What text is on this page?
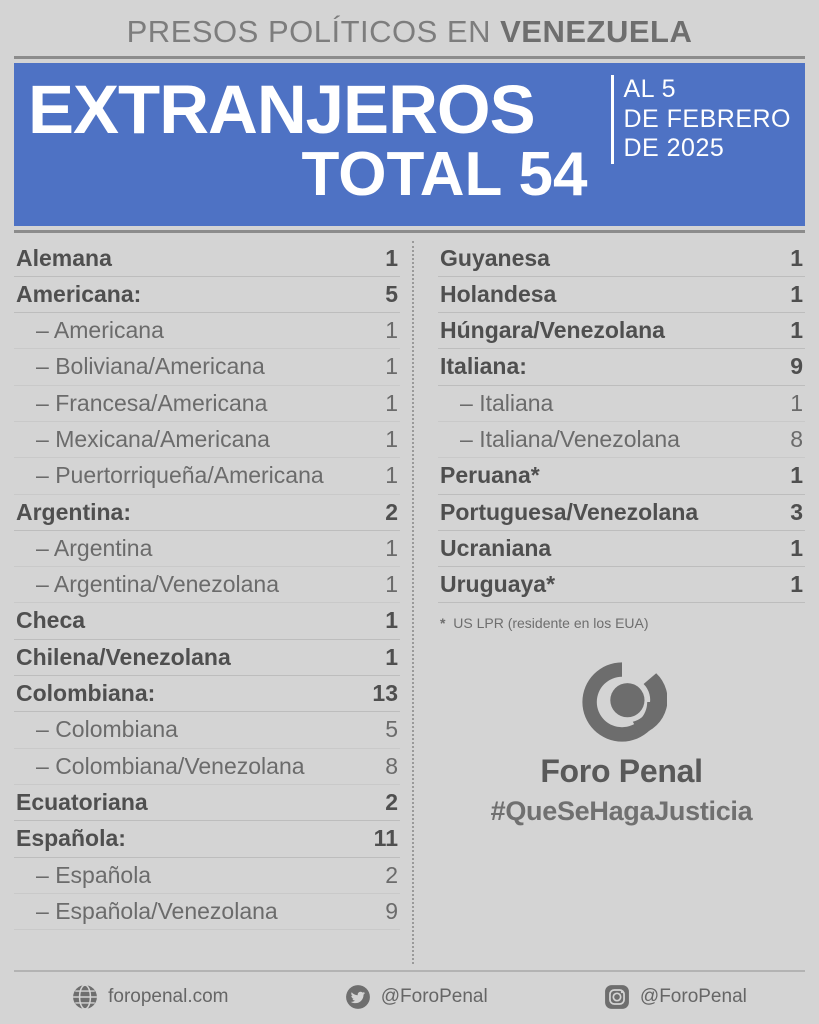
PRESOS POLÍTICOS EN VENEZUELA
EXTRANJEROS
TOTAL 54
AL 5
DE FEBRERO
DE 2025
Alemana	1
Americana:	5
– Americana	1
– Boliviana/Americana	1
– Francesa/Americana	1
– Mexicana/Americana	1
– Puertorriqueña/Americana	1
Argentina:	2
– Argentina	1
– Argentina/Venezolana	1
Checa	1
Chilena/Venezolana	1
Colombiana:	13
– Colombiana	5
– Colombiana/Venezolana	8
Ecuatoriana	2
Española:	11
– Española	2
– Española/Venezolana	9
Guyanesa	1
Holandesa	1
Húngara/Venezolana	1
Italiana:	9
– Italiana	1
– Italiana/Venezolana	8
Peruana*	1
Portuguesa/Venezolana	3
Ucraniana	1
Uruguaya*	1
* US LPR (residente en los EUA)
Foro Penal
#QueSeHagaJusticia
foropenal.com	@ForoPenal	@ForoPenal
